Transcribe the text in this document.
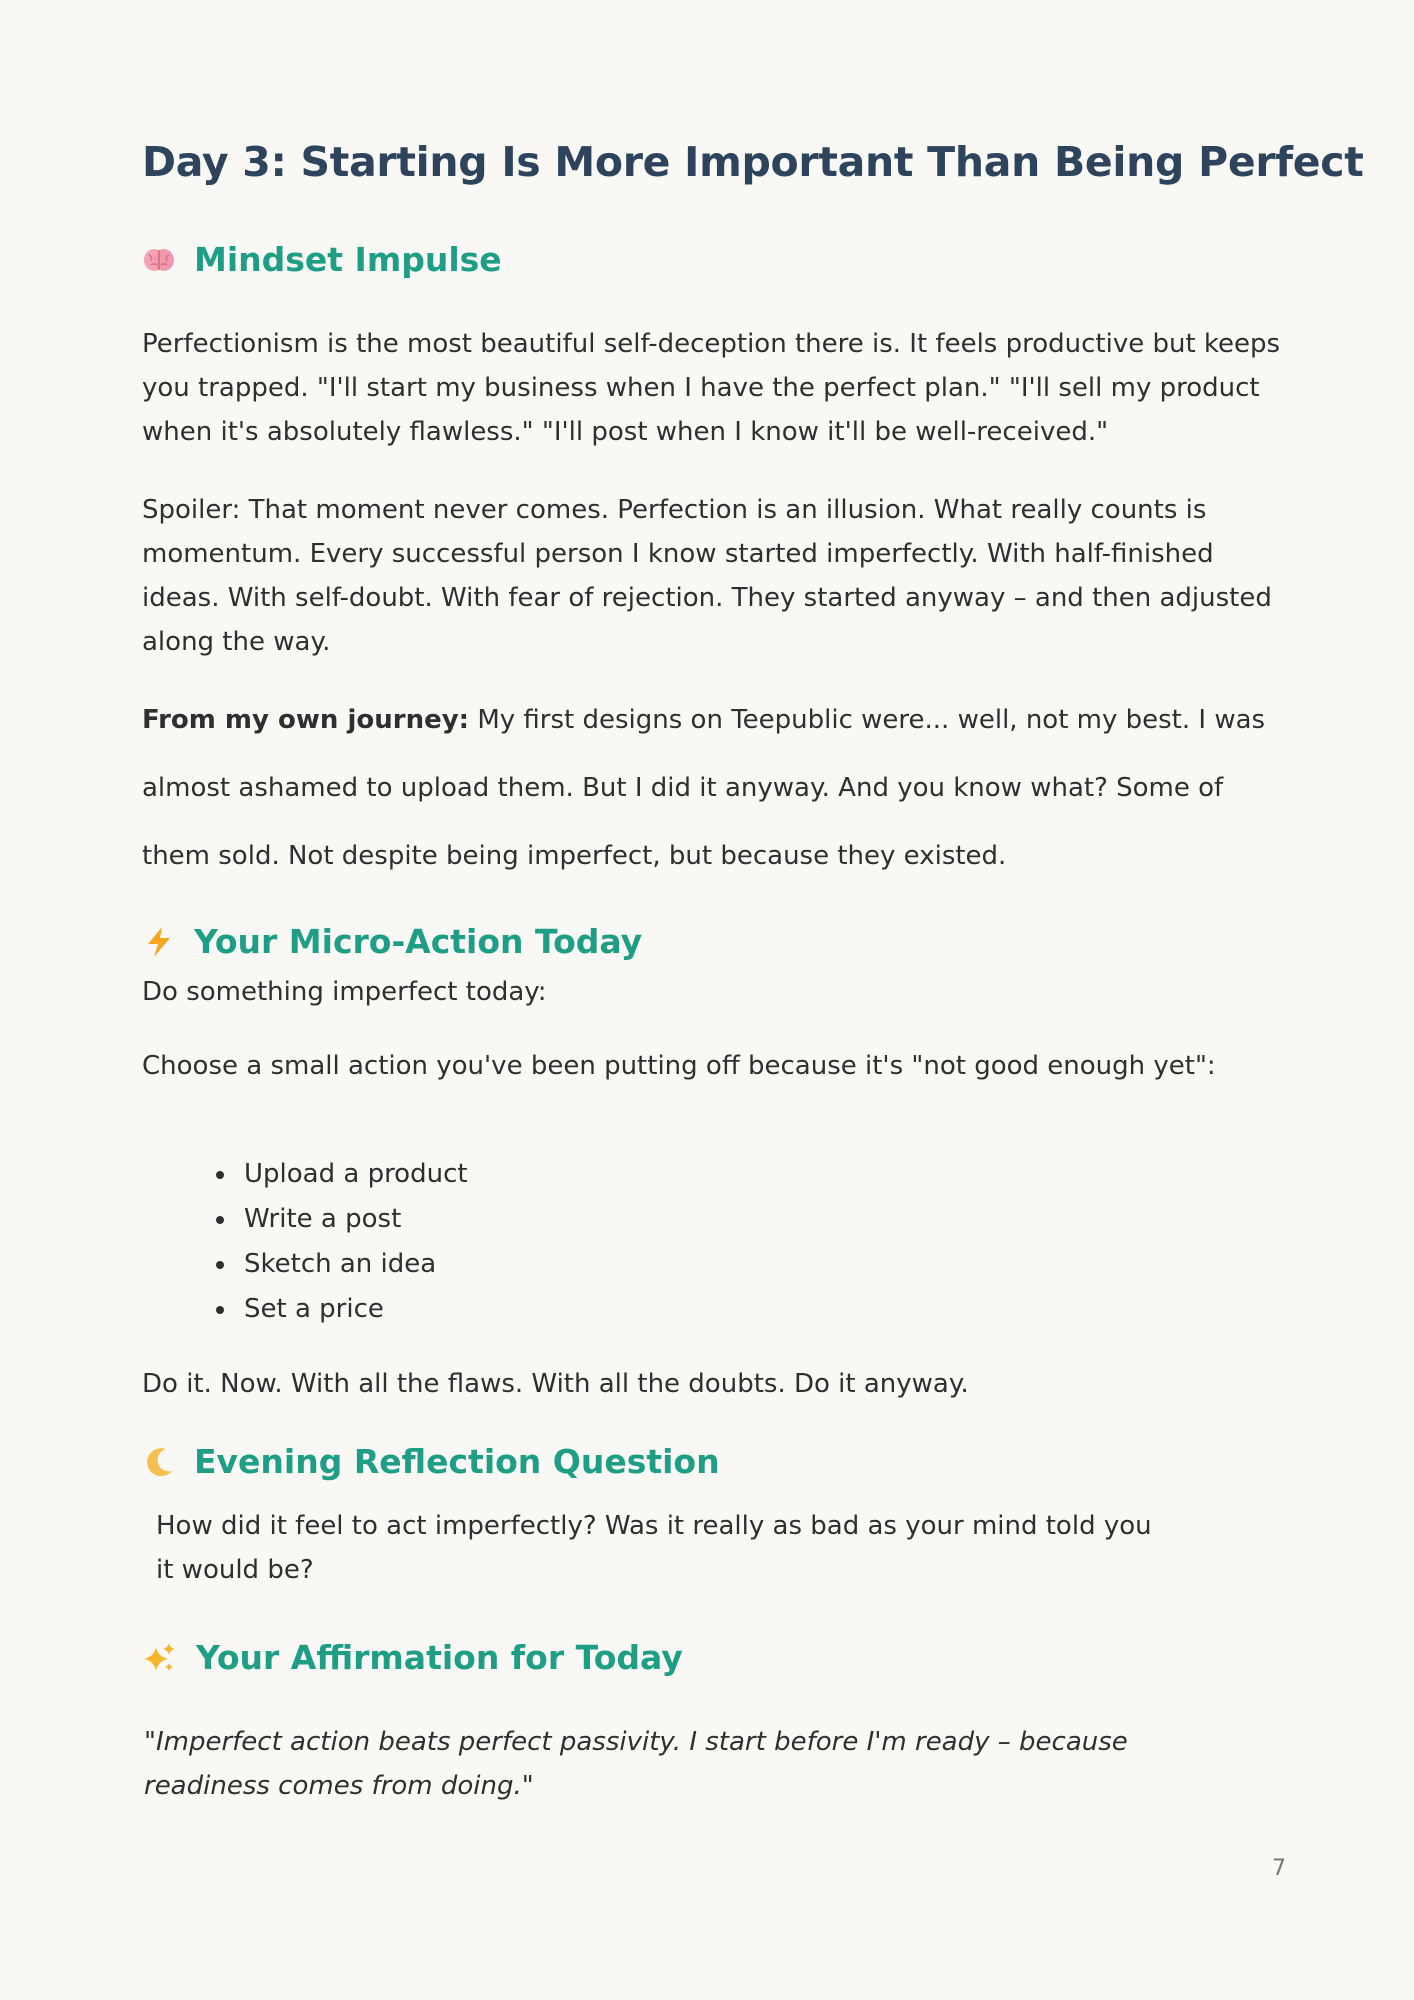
Day 3: Starting Is More Important Than Being Perfect
Mindset Impulse

Perfectionism is the most beautiful self-deception there is. It feels productive but keeps you trapped. "I'll start my business when I have the perfect plan." "I'll sell my product when it's absolutely flawless." "I'll post when I know it'll be well-received."

Spoiler: That moment never comes. Perfection is an illusion. What really counts is momentum. Every successful person I know started imperfectly. With half-finished ideas. With self-doubt. With fear of rejection. They started anyway – and then adjusted along the way.

From my own journey: My first designs on Teepublic were... well, not my best. I was almost ashamed to upload them. But I did it anyway. And you know what? Some of them sold. Not despite being imperfect, but because they existed.

Your Micro-Action Today

Do something imperfect today:

Choose a small action you've been putting off because it's "not good enough yet":

Upload a product
Write a post
Sketch an idea
Set a price

Do it. Now. With all the flaws. With all the doubts. Do it anyway.

Evening Reflection Question

How did it feel to act imperfectly? Was it really as bad as your mind told you it would be?

Your Affirmation for Today

"Imperfect action beats perfect passivity. I start before I'm ready – because readiness comes from doing."

7
